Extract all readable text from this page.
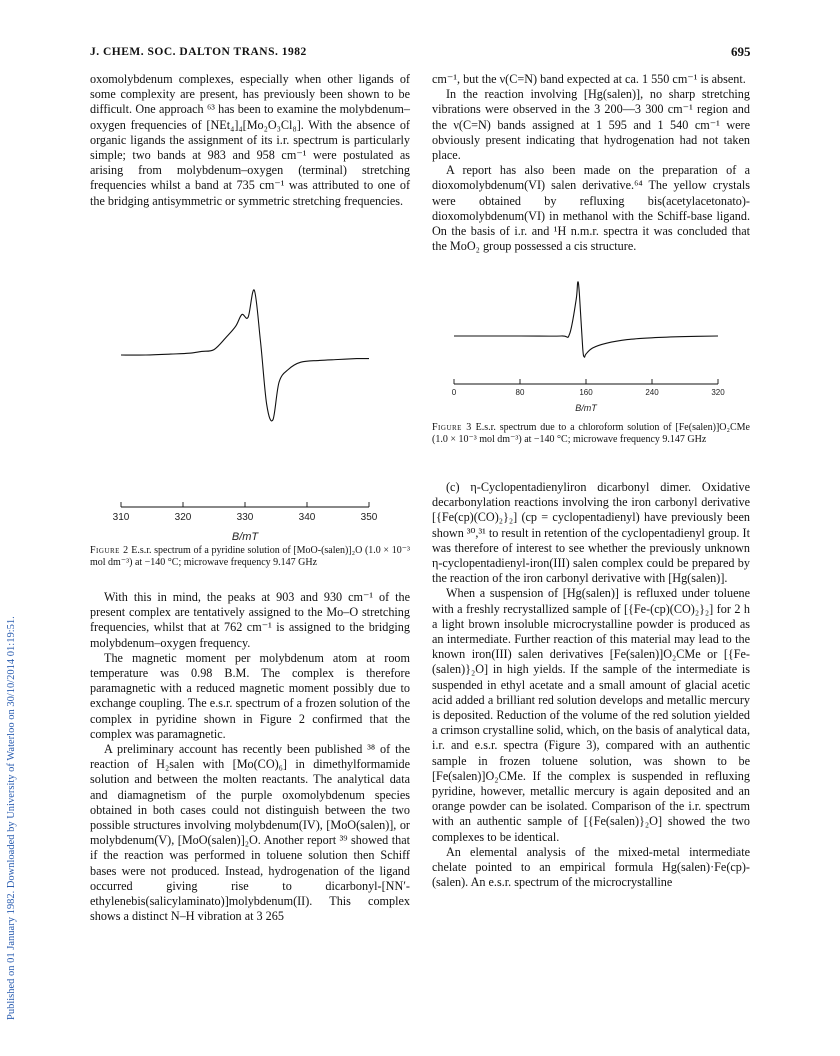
J. CHEM. SOC. DALTON TRANS. 1982	695
Published on 01 January 1982. Downloaded by University of Waterloo on 30/10/2014 01:19:51.

oxomolybdenum complexes, especially when other ligands of some complexity are present, has previously been shown to be difficult. One approach ⁶³ has been to examine the molybdenum–oxygen frequencies of [NEt₄]₄[Mo₂O₃Cl₈]. With the absence of organic ligands the assignment of its i.r. spectrum is particularly simple; two bands at 983 and 958 cm⁻¹ were postulated as arising from molybdenum–oxygen (terminal) stretching frequencies whilst a band at 735 cm⁻¹ was attributed to one of the bridging antisymmetric or symmetric stretching frequencies.

310	320	330	340	350
B/mT
Figure 2 E.s.r. spectrum of a pyridine solution of [MoO-(salen)]₂O (1.0 × 10⁻³ mol dm⁻³) at −140 °C; microwave frequency 9.147 GHz

With this in mind, the peaks at 903 and 930 cm⁻¹ of the present complex are tentatively assigned to the Mo–O stretching frequencies, whilst that at 762 cm⁻¹ is assigned to the bridging molybdenum–oxygen frequency.

The magnetic moment per molybdenum atom at room temperature was 0.98 B.M. The complex is therefore paramagnetic with a reduced magnetic moment possibly due to exchange coupling. The e.s.r. spectrum of a frozen solution of the complex in pyridine shown in Figure 2 confirmed that the complex was paramagnetic.

A preliminary account has recently been published ³⁸ of the reaction of H₂salen with [Mo(CO)₆] in dimethylformamide solution and between the molten reactants. The analytical data and diamagnetism of the purple oxomolybdenum species obtained in both cases could not distinguish between the two possible structures involving molybdenum(IV), [MoO(salen)], or molybdenum(V), [MoO(salen)]₂O. Another report ³⁹ showed that if the reaction was performed in toluene solution then Schiff bases were not produced. Instead, hydrogenation of the ligand occurred giving rise to dicarbonyl-[NN′-ethylenebis(salicylaminato)]molybdenum(II). This complex shows a distinct N–H vibration at 3 265

cm⁻¹, but the ν(C=N) band expected at ca. 1 550 cm⁻¹ is absent.

In the reaction involving [Hg(salen)], no sharp stretching vibrations were observed in the 3 200—3 300 cm⁻¹ region and the ν(C=N) bands assigned at 1 595 and 1 540 cm⁻¹ were obviously present indicating that hydrogenation had not taken place.

A report has also been made on the preparation of a dioxomolybdenum(VI) salen derivative.⁶⁴ The yellow crystals were obtained by refluxing bis(acetylacetonato)-dioxomolybdenum(VI) in methanol with the Schiff-base ligand. On the basis of i.r. and ¹H n.m.r. spectra it was concluded that the MoO₂ group possessed a cis structure.

0	80	160	240	320
B/mT
Figure 3 E.s.r. spectrum due to a chloroform solution of [Fe(salen)]O₂CMe (1.0 × 10⁻³ mol dm⁻³) at −140 °C; microwave frequency 9.147 GHz

(c) η-Cyclopentadienyliron dicarbonyl dimer. Oxidative decarbonylation reactions involving the iron carbonyl derivative [{Fe(cp)(CO)₂}₂] (cp = cyclopentadienyl) have previously been shown ³⁰,³¹ to result in retention of the cyclopentadienyl group. It was therefore of interest to see whether the previously unknown η-cyclopentadienyl-iron(III) salen complex could be prepared by the reaction of the iron carbonyl derivative with [Hg(salen)].

When a suspension of [Hg(salen)] is refluxed under toluene with a freshly recrystallized sample of [{Fe-(cp)(CO)₂}₂] for 2 h a light brown insoluble microcrystalline powder is produced as an intermediate. Further reaction of this material may lead to the known iron(III) salen derivatives [Fe(salen)]O₂CMe or [{Fe-(salen)}₂O] in high yields. If the sample of the intermediate is suspended in ethyl acetate and a small amount of glacial acetic acid added a brilliant red solution develops and metallic mercury is deposited. Reduction of the volume of the red solution yielded a crimson crystalline solid, which, on the basis of analytical data, i.r. and e.s.r. spectra (Figure 3), compared with an authentic sample in frozen toluene solution, was shown to be [Fe(salen)]O₂CMe. If the complex is suspended in refluxing pyridine, however, metallic mercury is again deposited and an orange powder can be isolated. Comparison of the i.r. spectrum with an authentic sample of [{Fe(salen)}₂O] showed the two complexes to be identical.

An elemental analysis of the mixed-metal intermediate chelate pointed to an empirical formula Hg(salen)·Fe(cp)-(salen). An e.s.r. spectrum of the microcrystalline
